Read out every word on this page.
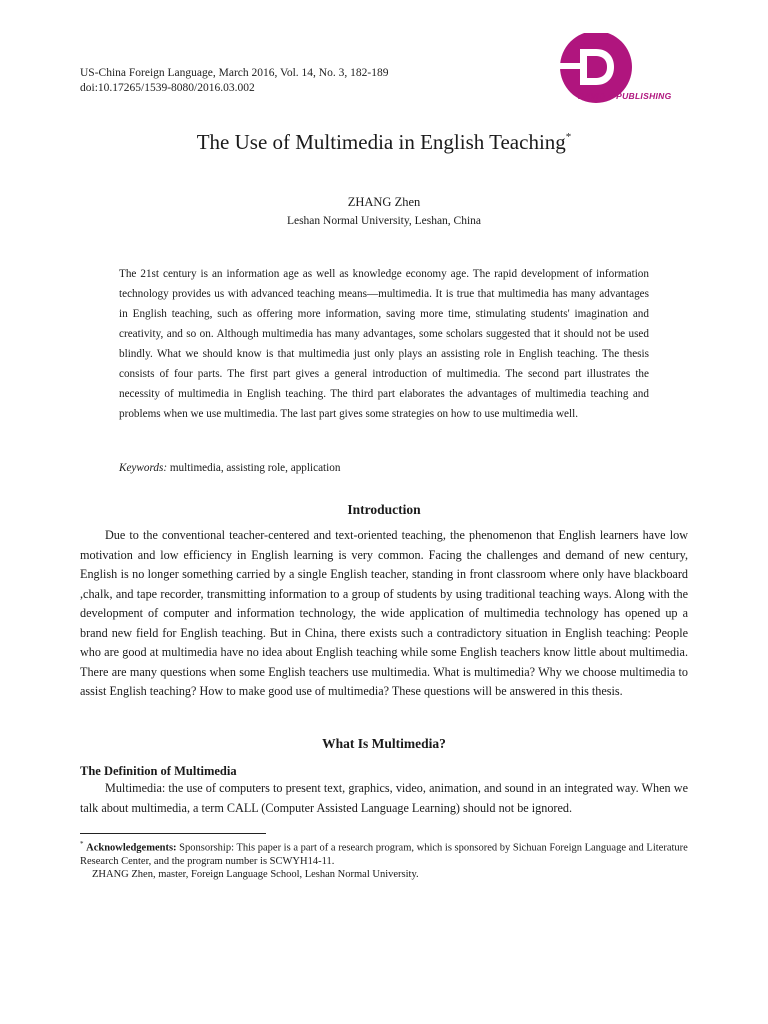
US-China Foreign Language, March 2016, Vol. 14, No. 3, 182-189
doi:10.17265/1539-8080/2016.03.002
DAVID ◐ PUBLISHING
The Use of Multimedia in English Teaching*
ZHANG Zhen
Leshan Normal University, Leshan, China
The 21st century is an information age as well as knowledge economy age. The rapid development of information technology provides us with advanced teaching means—multimedia. It is true that multimedia has many advantages in English teaching, such as offering more information, saving more time, stimulating students' imagination and creativity, and so on. Although multimedia has many advantages, some scholars suggested that it should not be used blindly. What we should know is that multimedia just only plays an assisting role in English teaching. The thesis consists of four parts. The first part gives a general introduction of multimedia. The second part illustrates the necessity of multimedia in English teaching. The third part elaborates the advantages of multimedia teaching and problems when we use multimedia. The last part gives some strategies on how to use multimedia well.
Keywords: multimedia, assisting role, application
Introduction
Due to the conventional teacher-centered and text-oriented teaching, the phenomenon that English learners have low motivation and low efficiency in English learning is very common. Facing the challenges and demand of new century, English is no longer something carried by a single English teacher, standing in front classroom where only have blackboard ,chalk, and tape recorder, transmitting information to a group of students by using traditional teaching ways. Along with the development of computer and information technology, the wide application of multimedia technology has opened up a brand new field for English teaching. But in China, there exists such a contradictory situation in English teaching: People who are good at multimedia have no idea about English teaching while some English teachers know little about multimedia. There are many questions when some English teachers use multimedia. What is multimedia? Why we choose multimedia to assist English teaching? How to make good use of multimedia? These questions will be answered in this thesis.
What Is Multimedia?
The Definition of Multimedia
Multimedia: the use of computers to present text, graphics, video, animation, and sound in an integrated way. When we talk about multimedia, a term CALL (Computer Assisted Language Learning) should not be ignored.
* Acknowledgements: Sponsorship: This paper is a part of a research program, which is sponsored by Sichuan Foreign Language and Literature Research Center, and the program number is SCWYH14-11.
ZHANG Zhen, master, Foreign Language School, Leshan Normal University.
